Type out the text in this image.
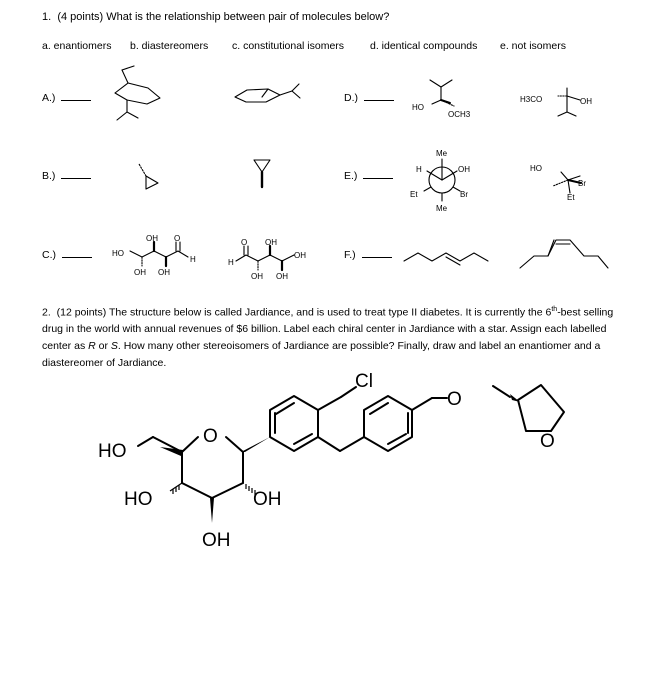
1. (4 points) What is the relationship between pair of molecules below?
a. enantiomers b. diastereomers c. constitutional isomers d. identical compounds e. not isomers
A.)
B.)
C.)
D.)
E.)
F.)
HO
OCH3
H3CO	OH
Me
H	OH
Et	Br
Me
HO
Br
Et
OH O
HO
H
OH OH
O OH
H
OH
OH OH
Cl
O
HO
O
HO	OH
OH
O
2. (12 points) The structure below is called Jardiance, and is used to treat type II diabetes. It is currently the 6th-best selling drug in the world with annual revenues of $6 billion. Label each chiral center in Jardiance with a star. Assign each labelled center as R or S. How many other stereoisomers of Jardiance are possible? Finally, draw and label an enantiomer and a diastereomer of Jardiance.
